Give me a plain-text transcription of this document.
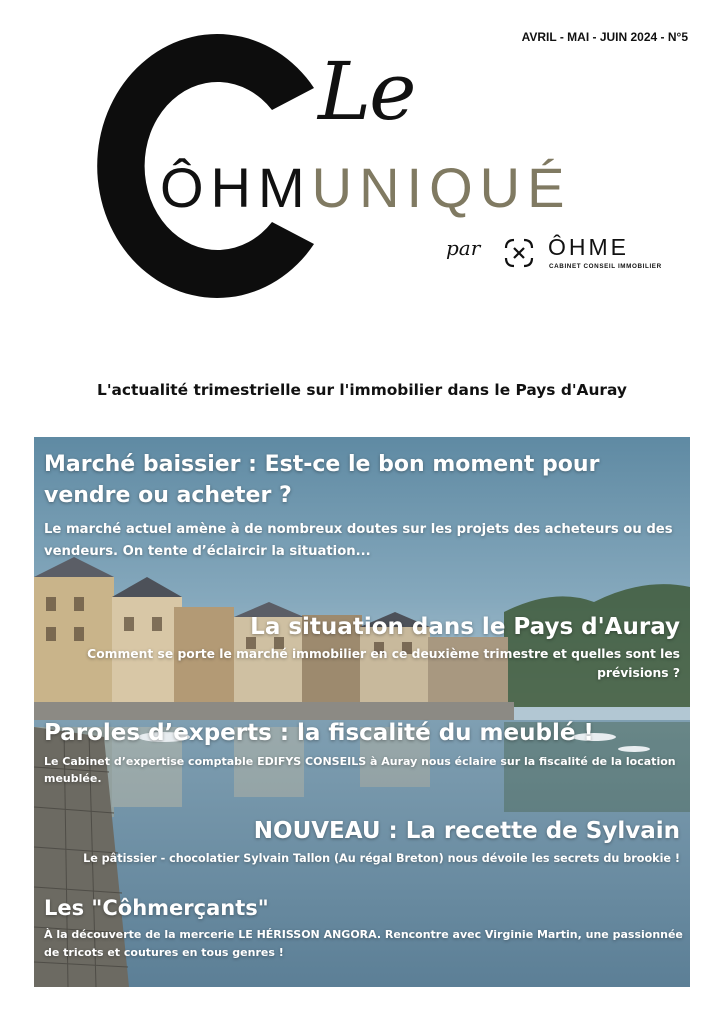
AVRIL - MAI - JUIN 2024 - N°5
Le
ÔHMUNIQUÉ
par	ÔHME
CABINET CONSEIL IMMOBILIER
L'actualité trimestrielle sur l'immobilier dans le Pays d'Auray
Marché baissier : Est-ce le bon moment pour vendre ou acheter ?

Le marché actuel amène à de nombreux doutes sur les projets des acheteurs ou des vendeurs. On tente d’éclaircir la situation...

La situation dans le Pays d'Auray

Comment se porte le marché immobilier en ce deuxième trimestre et quelles sont les prévisions ?

Paroles d’experts : la fiscalité du meublé !

Le Cabinet d’expertise comptable EDIFYS CONSEILS à Auray nous éclaire sur la fiscalité de la location meublée.

NOUVEAU : La recette de Sylvain

Le pâtissier - chocolatier Sylvain Tallon (Au régal Breton) nous dévoile les secrets du brookie !

Les "Côhmerçants"

À la découverte de la mercerie LE HÉRISSON ANGORA. Rencontre avec Virginie Martin, une passionnée de tricots et coutures en tous genres !
